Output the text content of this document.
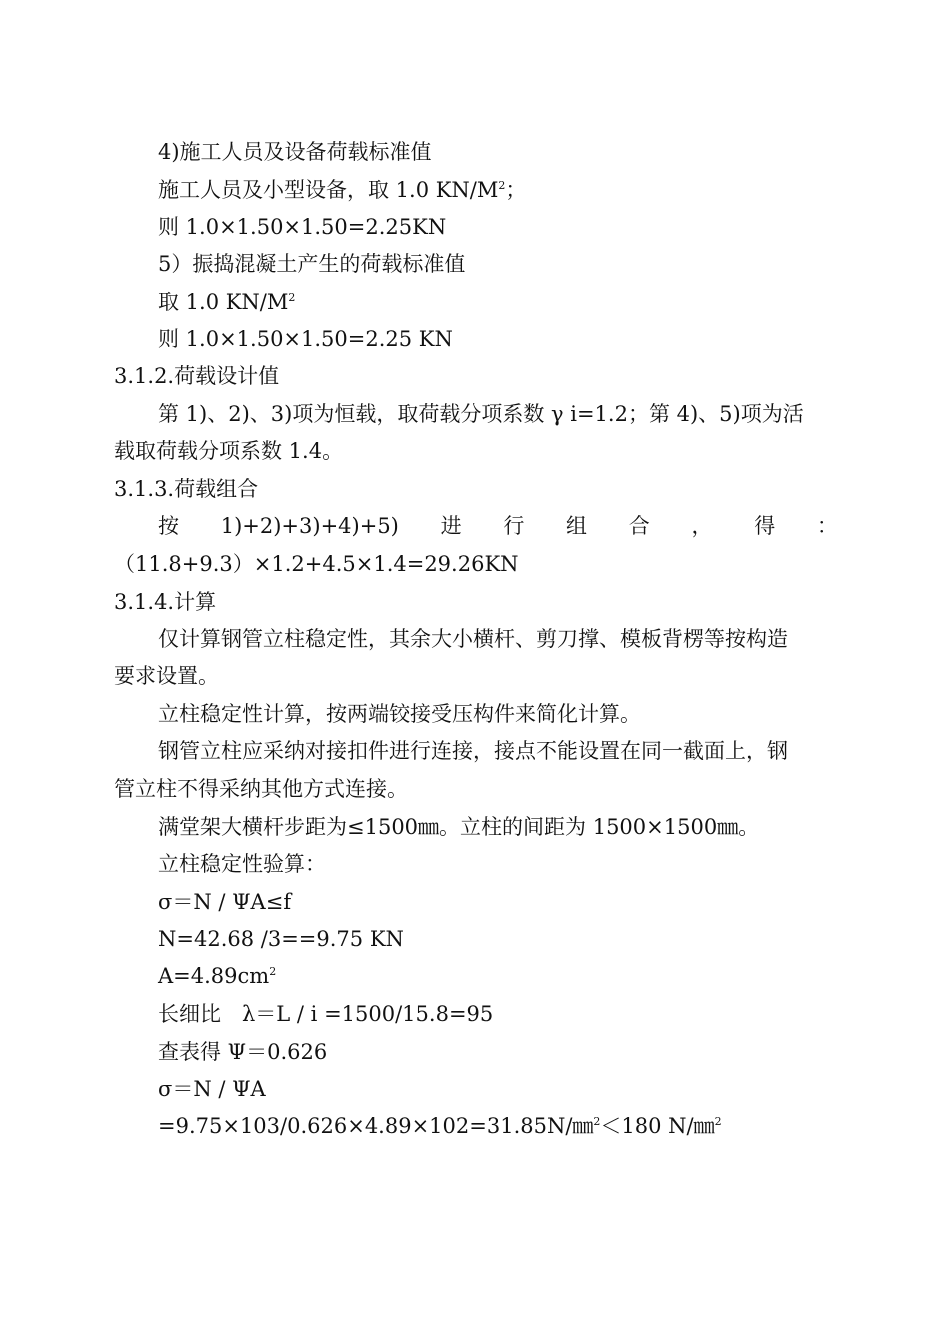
4)施工人员及设备荷载标准值
施工人员及小型设备，取 1.0 $KN/M^2$；
则 1.0×1.50×1.50=2.25KN
5）振捣混凝土产生的荷载标准值
取 1.0 $KN/M^2$
则 1.0×1.50×1.50=2.25 KN
3.1.2.荷载设计值
第 1)、2)、3)项为恒载，取荷载分项系数 γ i=1.2；第 4)、5)项为活
载取荷载分项系数 1.4。
3.1.3.荷载组合
按 1)+2)+3)+4)+5) 进 行 组 合 ， 得 ：
（11.8+9.3）×1.2+4.5×1.4=29.26KN
3.1.4.计算
仅计算钢管立柱稳定性，其余大小横杆、剪刀撑、模板背楞等按构造
要求设置。
立柱稳定性计算，按两端铰接受压构件来简化计算。
钢管立柱应采纳对接扣件进行连接，接点不能设置在同一截面上，钢
管立柱不得采纳其他方式连接。
满堂架大横杆步距为≤1500㎜。立柱的间距为 1500×1500㎜。
立柱稳定性验算：
σ＝N / ΨA≤f
N=42.68 /3==9.75 KN
$A=4.89cm^2$
长细比　λ＝L / i =1500/15.8=95
查表得 Ψ＝0.626
σ＝N / ΨA
=9.75×103/0.626×4.89×102=31.85N/㎜$^2$＜180 N/㎜$^2$
